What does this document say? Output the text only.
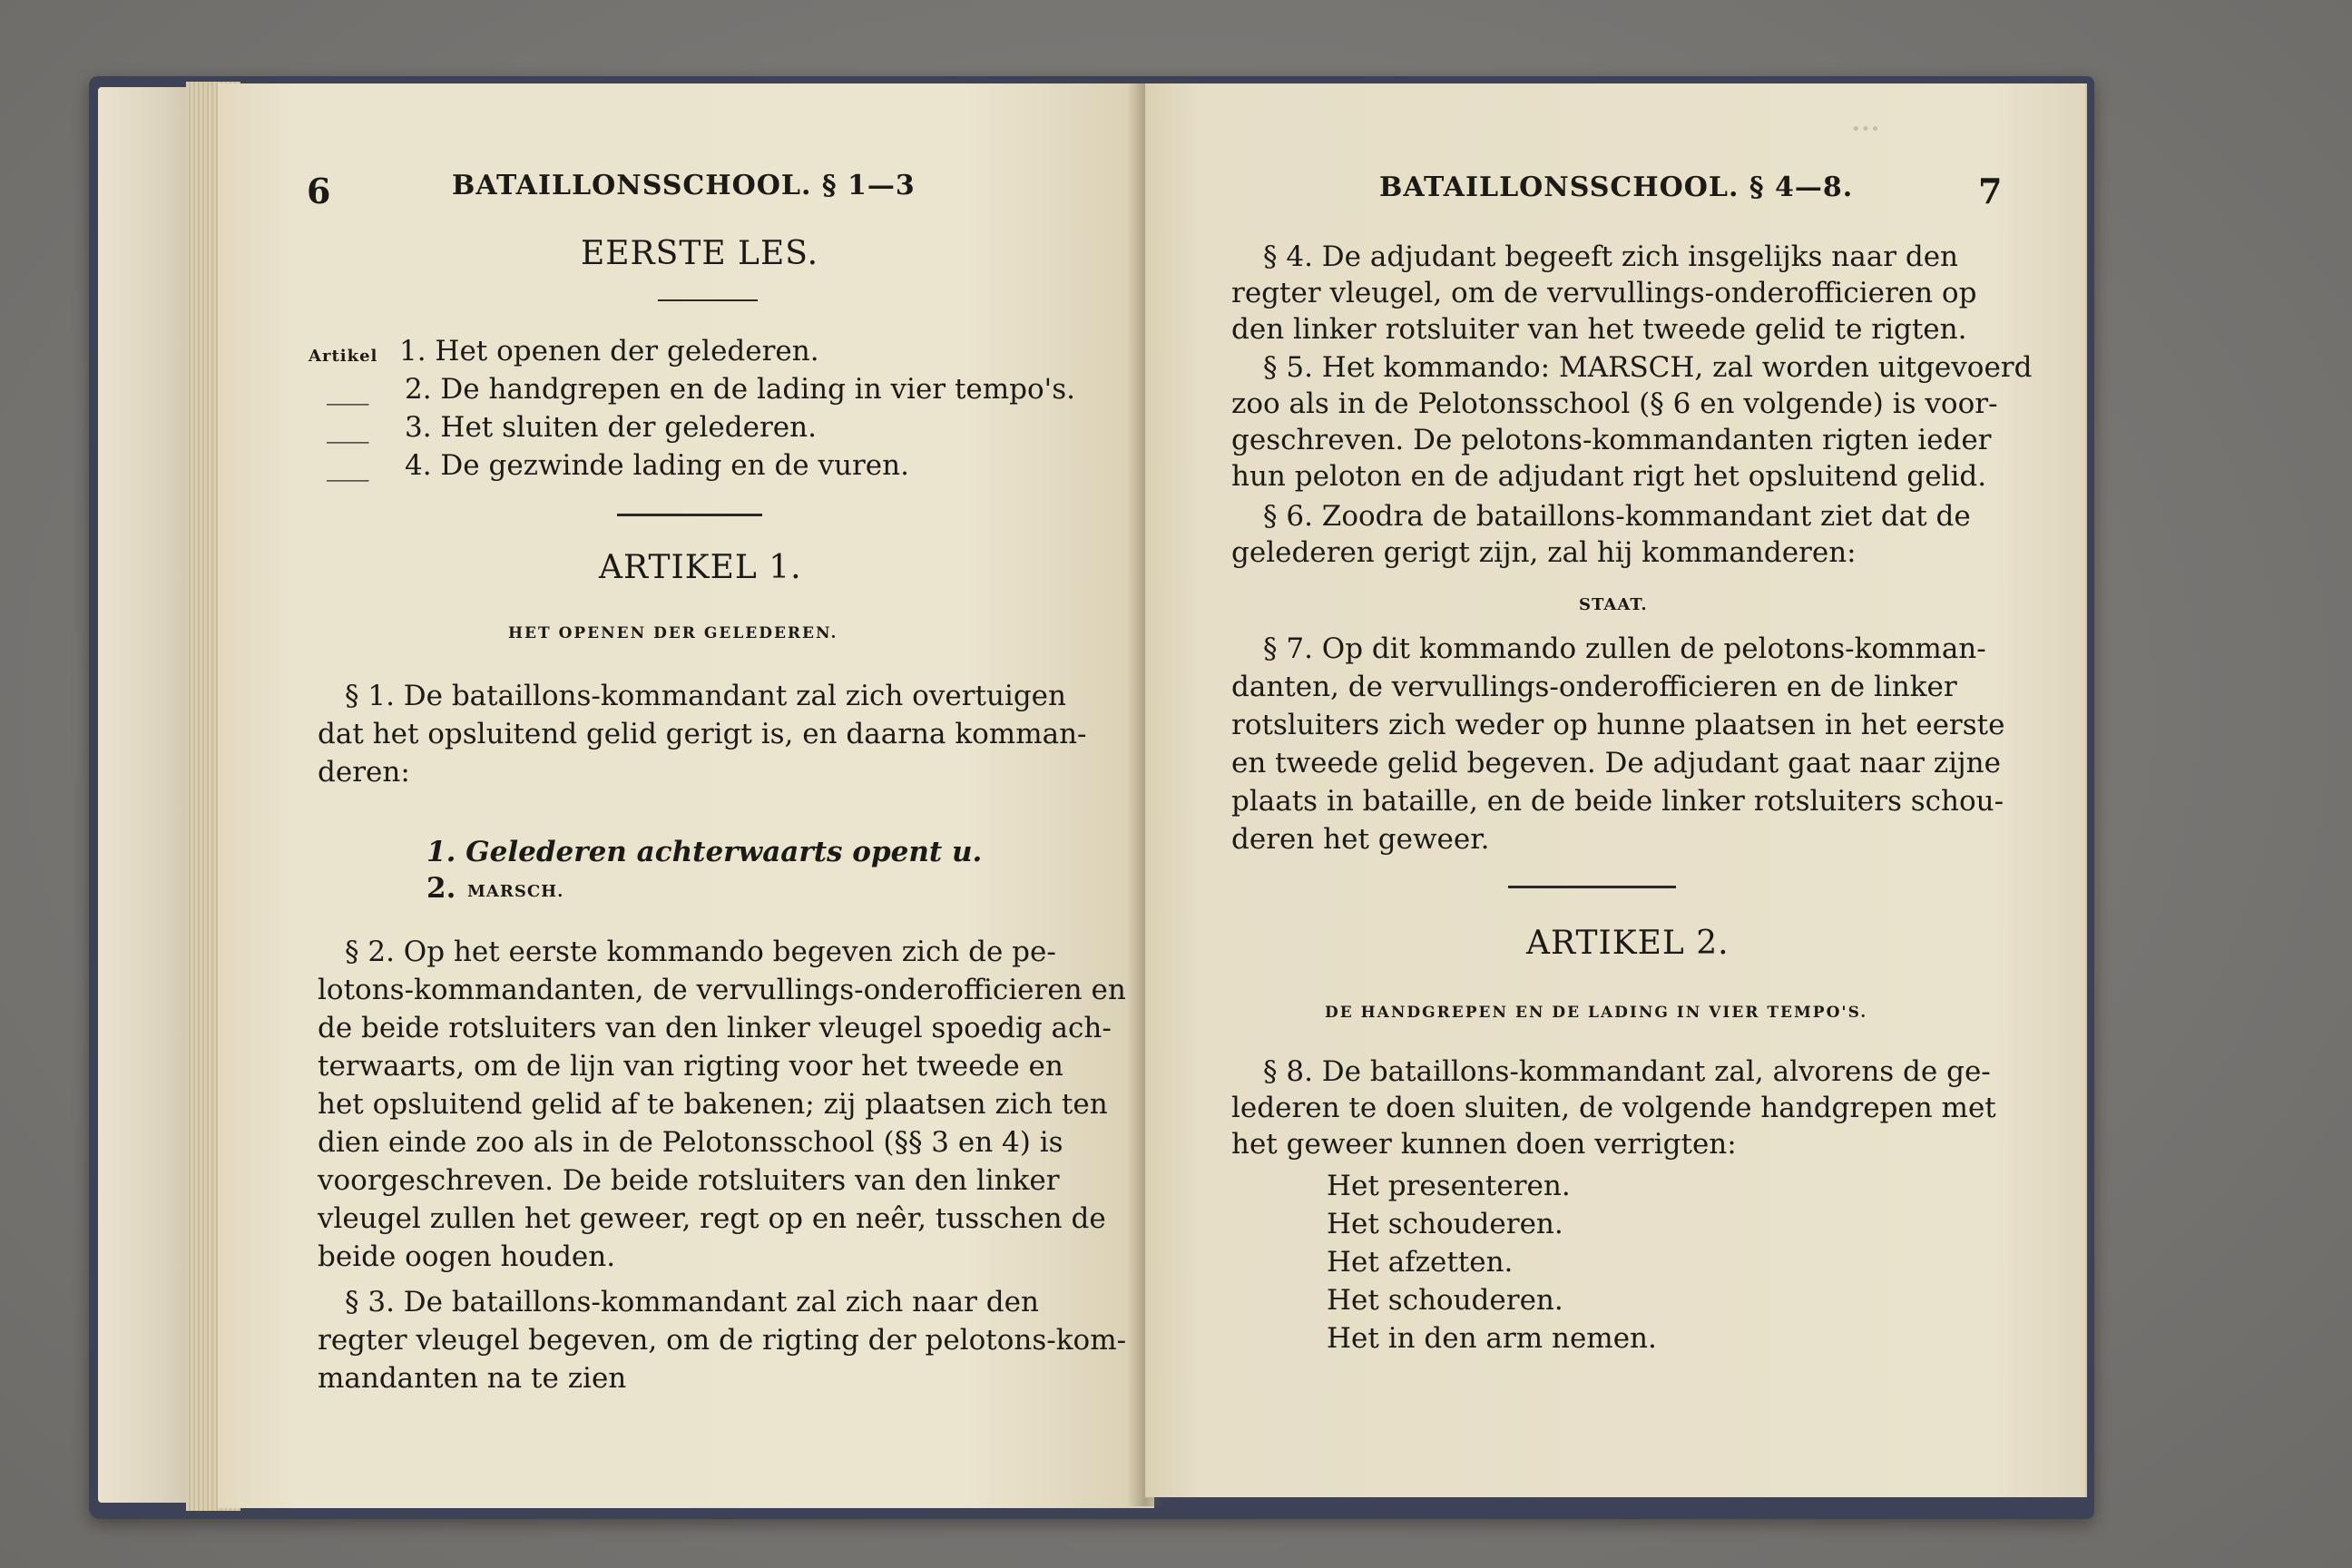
6	BATAILLONSSCHOOL. § 1—3
EERSTE LES.
Artikel 1. Het openen der gelederen.
___ 2. De handgrepen en de lading in vier tempo's.
___ 3. Het sluiten der gelederen.
___ 4. De gezwinde lading en de vuren.
ARTIKEL 1.
HET OPENEN DER GELEDEREN.
§ 1. De bataillons-kommandant zal zich overtuigen
dat het opsluitend gelid gerigt is, en daarna komman-
deren:
1. Gelederen achterwaarts opent u.
2. MARSCH.
§ 2. Op het eerste kommando begeven zich de pe-
lotons-kommandanten, de vervullings-onderofficieren en
de beide rotsluiters van den linker vleugel spoedig ach-
terwaarts, om de lijn van rigting voor het tweede en
het opsluitend gelid af te bakenen; zij plaatsen zich ten
dien einde zoo als in de Pelotonsschool (§§ 3 en 4) is
voorgeschreven. De beide rotsluiters van den linker
vleugel zullen het geweer, regt op en neêr, tusschen de
beide oogen houden.
§ 3. De bataillons-kommandant zal zich naar den
regter vleugel begeven, om de rigting der pelotons-kom-
mandanten na te zien
BATAILLONSSCHOOL. § 4—8.	7
•••
§ 4. De adjudant begeeft zich insgelijks naar den
regter vleugel, om de vervullings-onderofficieren op
den linker rotsluiter van het tweede gelid te rigten.
§ 5. Het kommando: MARSCH, zal worden uitgevoerd
zoo als in de Pelotonsschool (§ 6 en volgende) is voor-
geschreven. De pelotons-kommandanten rigten ieder
hun peloton en de adjudant rigt het opsluitend gelid.
§ 6. Zoodra de bataillons-kommandant ziet dat de
gelederen gerigt zijn, zal hij kommanderen:
STAAT.
§ 7. Op dit kommando zullen de pelotons-komman-
danten, de vervullings-onderofficieren en de linker
rotsluiters zich weder op hunne plaatsen in het eerste
en tweede gelid begeven. De adjudant gaat naar zijne
plaats in bataille, en de beide linker rotsluiters schou-
deren het geweer.
ARTIKEL 2.
DE HANDGREPEN EN DE LADING IN VIER TEMPO'S.
§ 8. De bataillons-kommandant zal, alvorens de ge-
lederen te doen sluiten, de volgende handgrepen met
het geweer kunnen doen verrigten:
Het presenteren.
Het schouderen.
Het afzetten.
Het schouderen.
Het in den arm nemen.
